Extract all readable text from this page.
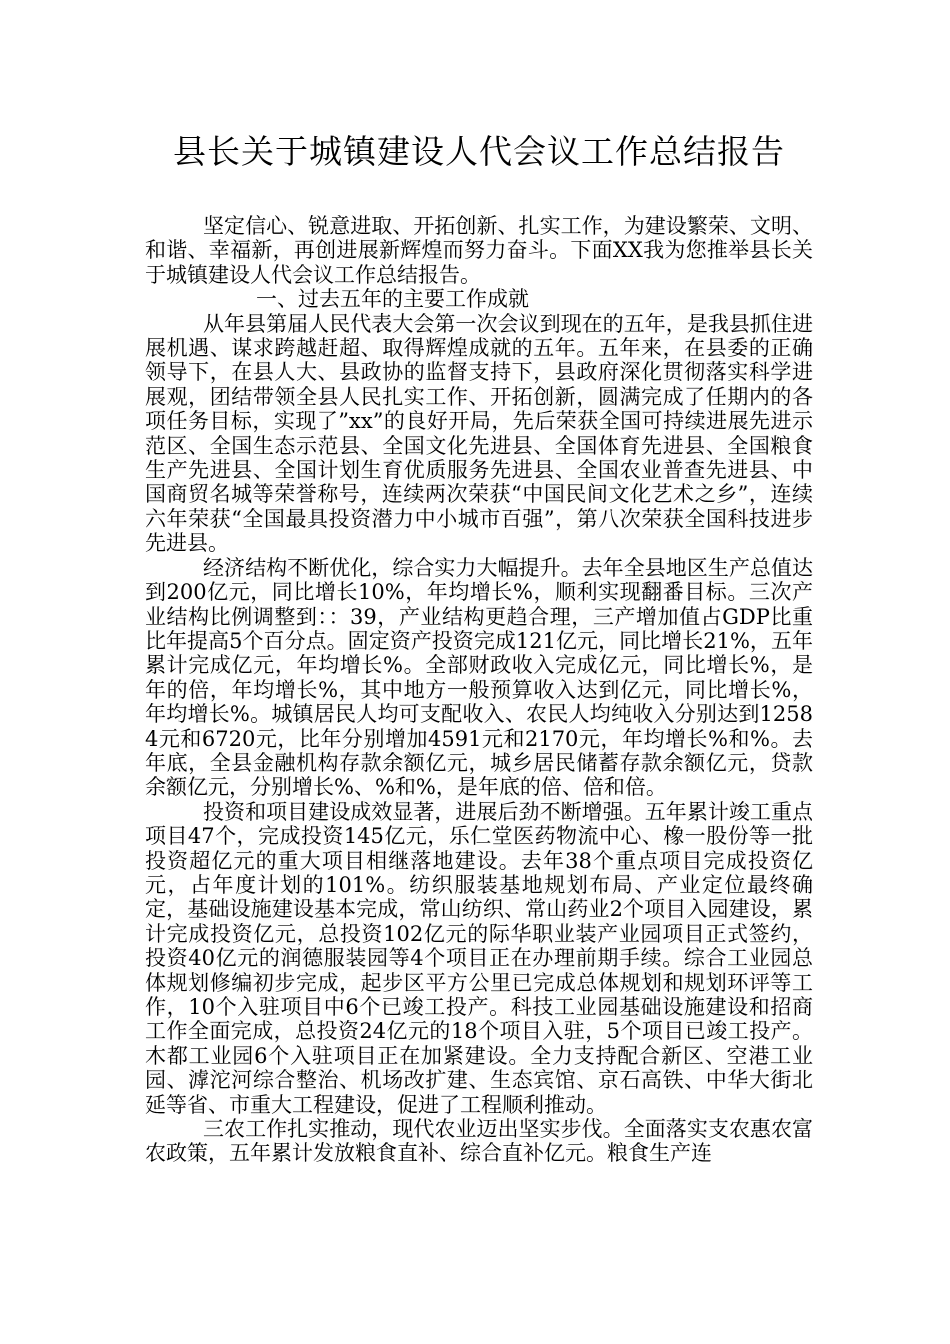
县长关于城镇建设人代会议工作总结报告

坚定信心、锐意进取、开拓创新、扎实工作，为建设繁荣、文明、和谐、幸福新，再创进展新辉煌而努力奋斗。下面XX我为您推举县长关于城镇建设人代会议工作总结报告。

一、过去五年的主要工作成就

从年县第届人民代表大会第一次会议到现在的五年，是我县抓住进展机遇、谋求跨越赶超、取得辉煌成就的五年。五年来，在县委的正确领导下，在县人大、县政协的监督支持下，县政府深化贯彻落实科学进展观，团结带领全县人民扎实工作、开拓创新，圆满完成了任期内的各项任务目标，实现了”xx”的良好开局，先后荣获全国可持续进展先进示范区、全国生态示范县、全国文化先进县、全国体育先进县、全国粮食生产先进县、全国计划生育优质服务先进县、全国农业普查先进县、中国商贸名城等荣誉称号，连续两次荣获“中国民间文化艺术之乡”，连续六年荣获“全国最具投资潜力中小城市百强”，第八次荣获全国科技进步先进县。

经济结构不断优化，综合实力大幅提升。去年全县地区生产总值达到200亿元，同比增长10%，年均增长%，顺利实现翻番目标。三次产业结构比例调整到：：39，产业结构更趋合理，三产增加值占GDP比重比年提高5个百分点。固定资产投资完成121亿元，同比增长21%，五年累计完成亿元，年均增长%。全部财政收入完成亿元，同比增长%，是年的倍，年均增长%，其中地方一般预算收入达到亿元，同比增长%，年均增长%。城镇居民人均可支配收入、农民人均纯收入分别达到12584元和6720元，比年分别增加4591元和2170元，年均增长%和%。去年底，全县金融机构存款余额亿元，城乡居民储蓄存款余额亿元，贷款余额亿元，分别增长%、%和%，是年底的倍、倍和倍。

投资和项目建设成效显著，进展后劲不断增强。五年累计竣工重点项目47个，完成投资145亿元，乐仁堂医药物流中心、橡一股份等一批投资超亿元的重大项目相继落地建设。去年38个重点项目完成投资亿元，占年度计划的101%。纺织服装基地规划布局、产业定位最终确定，基础设施建设基本完成，常山纺织、常山药业2个项目入园建设，累计完成投资亿元，总投资102亿元的际华职业装产业园项目正式签约，投资40亿元的润德服装园等4个项目正在办理前期手续。综合工业园总体规划修编初步完成，起步区平方公里已完成总体规划和规划环评等工作，10个入驻项目中6个已竣工投产。科技工业园基础设施建设和招商工作全面完成，总投资24亿元的18个项目入驻，5个项目已竣工投产。木都工业园6个入驻项目正在加紧建设。全力支持配合新区、空港工业园、滹沱河综合整治、机场改扩建、生态宾馆、京石高铁、中华大街北延等省、市重大工程建设，促进了工程顺利推动。

三农工作扎实推动，现代农业迈出坚实步伐。全面落实支农惠农富农政策，五年累计发放粮食直补、综合直补亿元。粮食生产连
